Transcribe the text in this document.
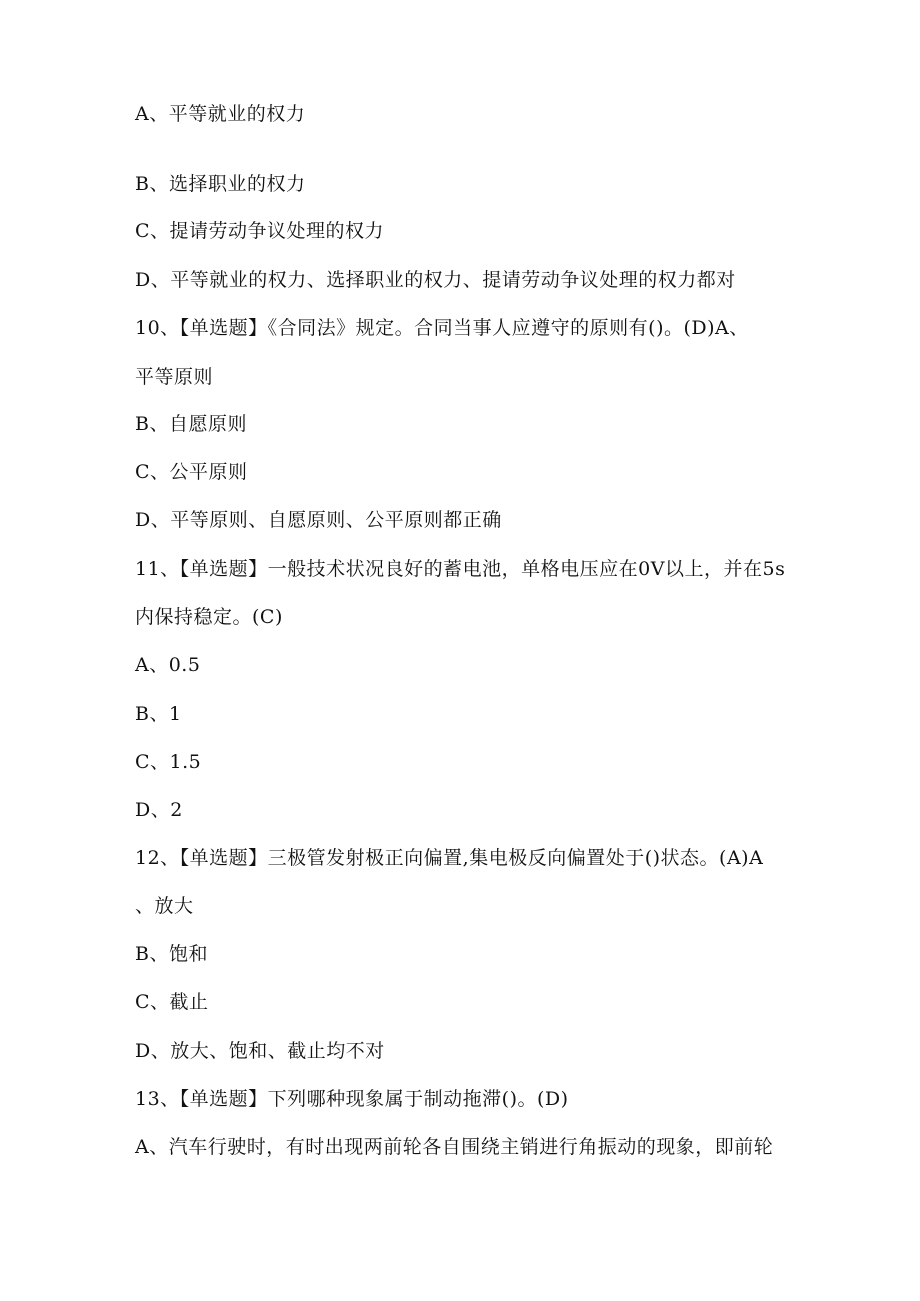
A、平等就业的权力
B、选择职业的权力
C、提请劳动争议处理的权力
D、平等就业的权力、选择职业的权力、提请劳动争议处理的权力都对
10、【单选题】《合同法》规定。合同当事人应遵守的原则有()。(D)A、
平等原则
B、自愿原则
C、公平原则
D、平等原则、自愿原则、公平原则都正确
11、【单选题】一般技术状况良好的蓄电池，单格电压应在0V以上，并在5s
内保持稳定。(C)
A、0.5
B、1
C、1.5
D、2
12、【单选题】三极管发射极正向偏置,集电极反向偏置处于()状态。(A)A
、放大
B、饱和
C、截止
D、放大、饱和、截止均不对
13、【单选题】下列哪种现象属于制动拖滞()。(D)
A、汽车行驶时，有时出现两前轮各自围绕主销进行角振动的现象，即前轮
